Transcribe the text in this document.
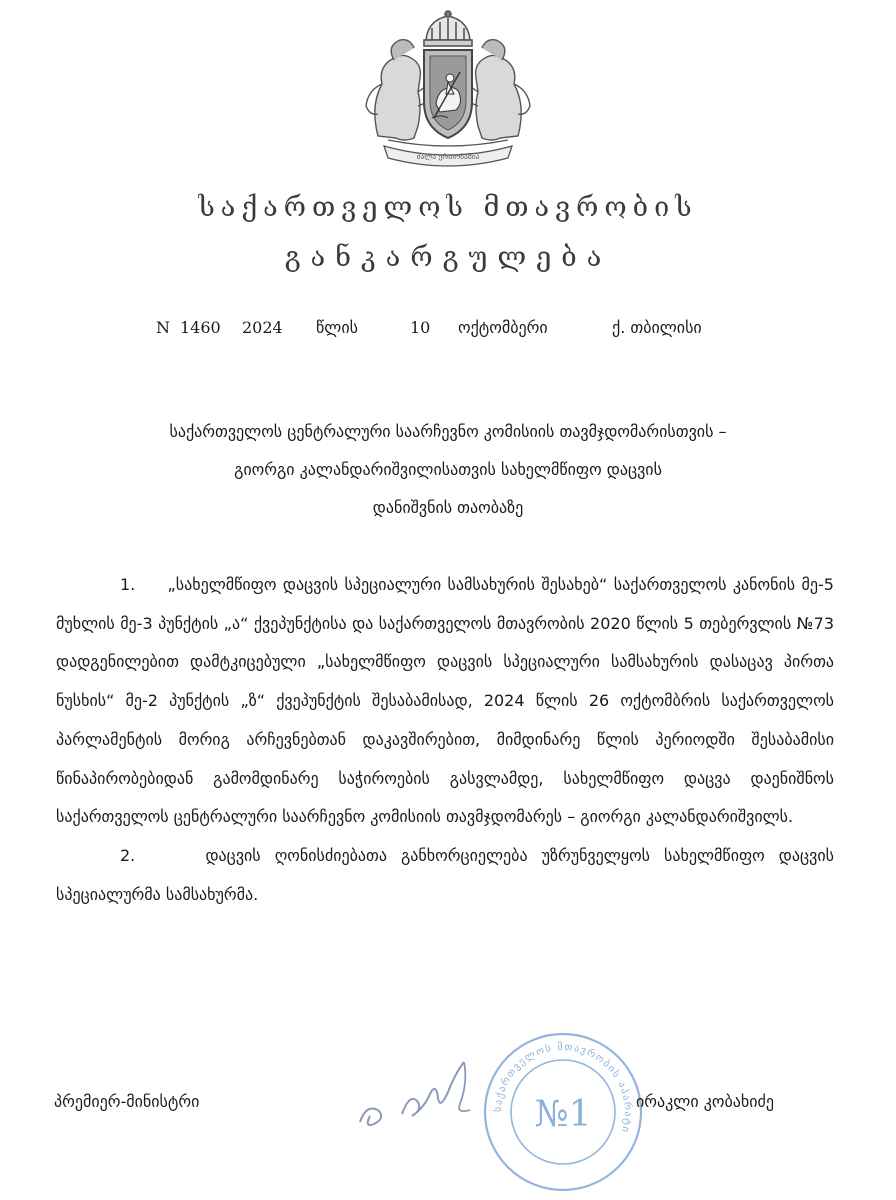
ძალა ერთობაშია
საქართველოს მთავრობის
განკარგულება
N 1460 2024 წლის	10 ოქტომბერი	ქ. თბილისი
საქართველოს ცენტრალური საარჩევნო კომისიის თავმჯდომარისთვის –
გიორგი კალანდარიშვილისათვის სახელმწიფო დაცვის
დანიშვნის თაობაზე
1. „სახელმწიფო დაცვის სპეციალური სამსახურის შესახებ“ საქართველოს კანონის მე-5 მუხლის მე-3 პუნქტის „ა“ ქვეპუნქტისა და საქართველოს მთავრობის 2020 წლის 5 თებერვლის №73 დადგენილებით დამტკიცებული „სახელმწიფო დაცვის სპეციალური სამსახურის დასაცავ პირთა ნუსხის“ მე-2 პუნქტის „ზ“ ქვეპუნქტის შესაბამისად, 2024 წლის 26 ოქტომბრის საქართველოს პარლამენტის მორიგ არჩევნებთან დაკავშირებით, მიმდინარე წლის პერიოდში შესაბამისი წინაპირობებიდან გამომდინარე საჭიროების გასვლამდე, სახელმწიფო დაცვა დაენიშნოს საქართველოს ცენტრალური საარჩევნო კომისიის თავმჯდომარეს – გიორგი კალანდარიშვილს.
2.	დაცვის ღონისძიებათა განხორციელება უზრუნველყოს სახელმწიფო დაცვის სპეციალურმა სამსახურმა.
პრემიერ-მინისტრი	საქართველოს მთავრობის აპარატი
№1	ირაკლი კობახიძე
